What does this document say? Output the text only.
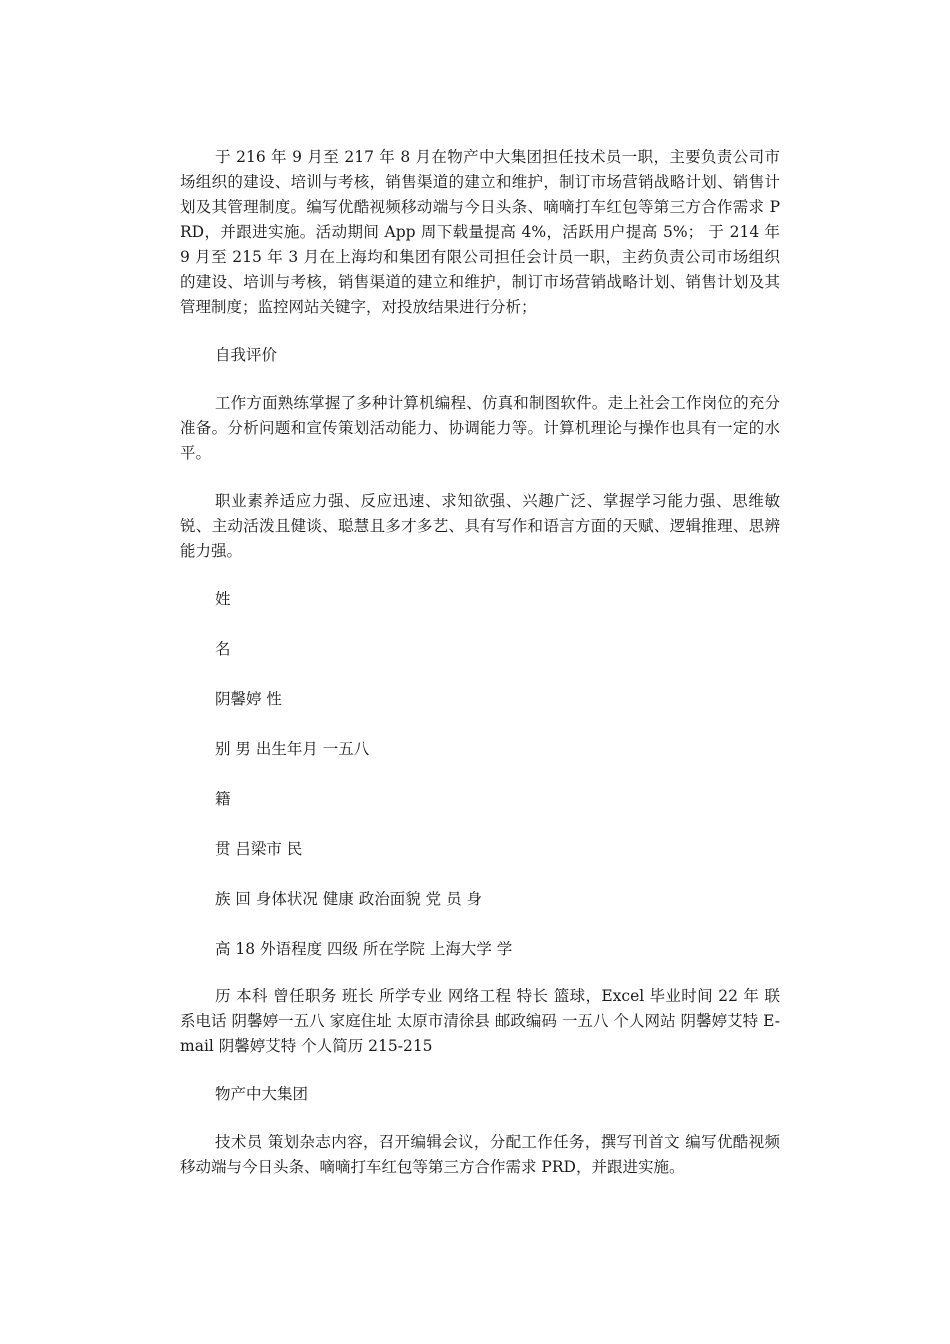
于 216 年 9 月至 217 年 8 月在物产中大集团担任技术员一职，主要负责公司市场组织的建设、培训与考核，销售渠道的建立和维护，制订市场营销战略计划、销售计划及其管理制度。编写优酷视频移动端与今日头条、嘀嘀打车红包等第三方合作需求 PRD，并跟进实施。活动期间 App 周下载量提高 4%，活跃用户提高 5%； 于 214 年 9 月至 215 年 3 月在上海均和集团有限公司担任会计员一职，主药负责公司市场组织的建设、培训与考核，销售渠道的建立和维护，制订市场营销战略计划、销售计划及其管理制度；监控网站关键字，对投放结果进行分析；

自我评价

工作方面熟练掌握了多种计算机编程、仿真和制图软件。走上社会工作岗位的充分准备。分析问题和宣传策划活动能力、协调能力等。计算机理论与操作也具有一定的水平。

职业素养适应力强、反应迅速、求知欲强、兴趣广泛、掌握学习能力强、思维敏锐、主动活泼且健谈、聪慧且多才多艺、具有写作和语言方面的天赋、逻辑推理、思辨能力强。

姓

名

阴馨婷 性

别 男 出生年月 一五八

籍

贯 吕梁市 民

族 回 身体状况 健康 政治面貌 党 员 身

高 18 外语程度 四级 所在学院 上海大学 学

历 本科 曾任职务 班长 所学专业 网络工程 特长 篮球，Excel 毕业时间 22 年 联系电话 阴馨婷一五八 家庭住址 太原市清徐县 邮政编码 一五八 个人网站 阴馨婷艾特 E-mail 阴馨婷艾特 个人简历 215-215

物产中大集团

技术员 策划杂志内容，召开编辑会议，分配工作任务，撰写刊首文 编写优酷视频移动端与今日头条、嘀嘀打车红包等第三方合作需求 PRD，并跟进实施。
